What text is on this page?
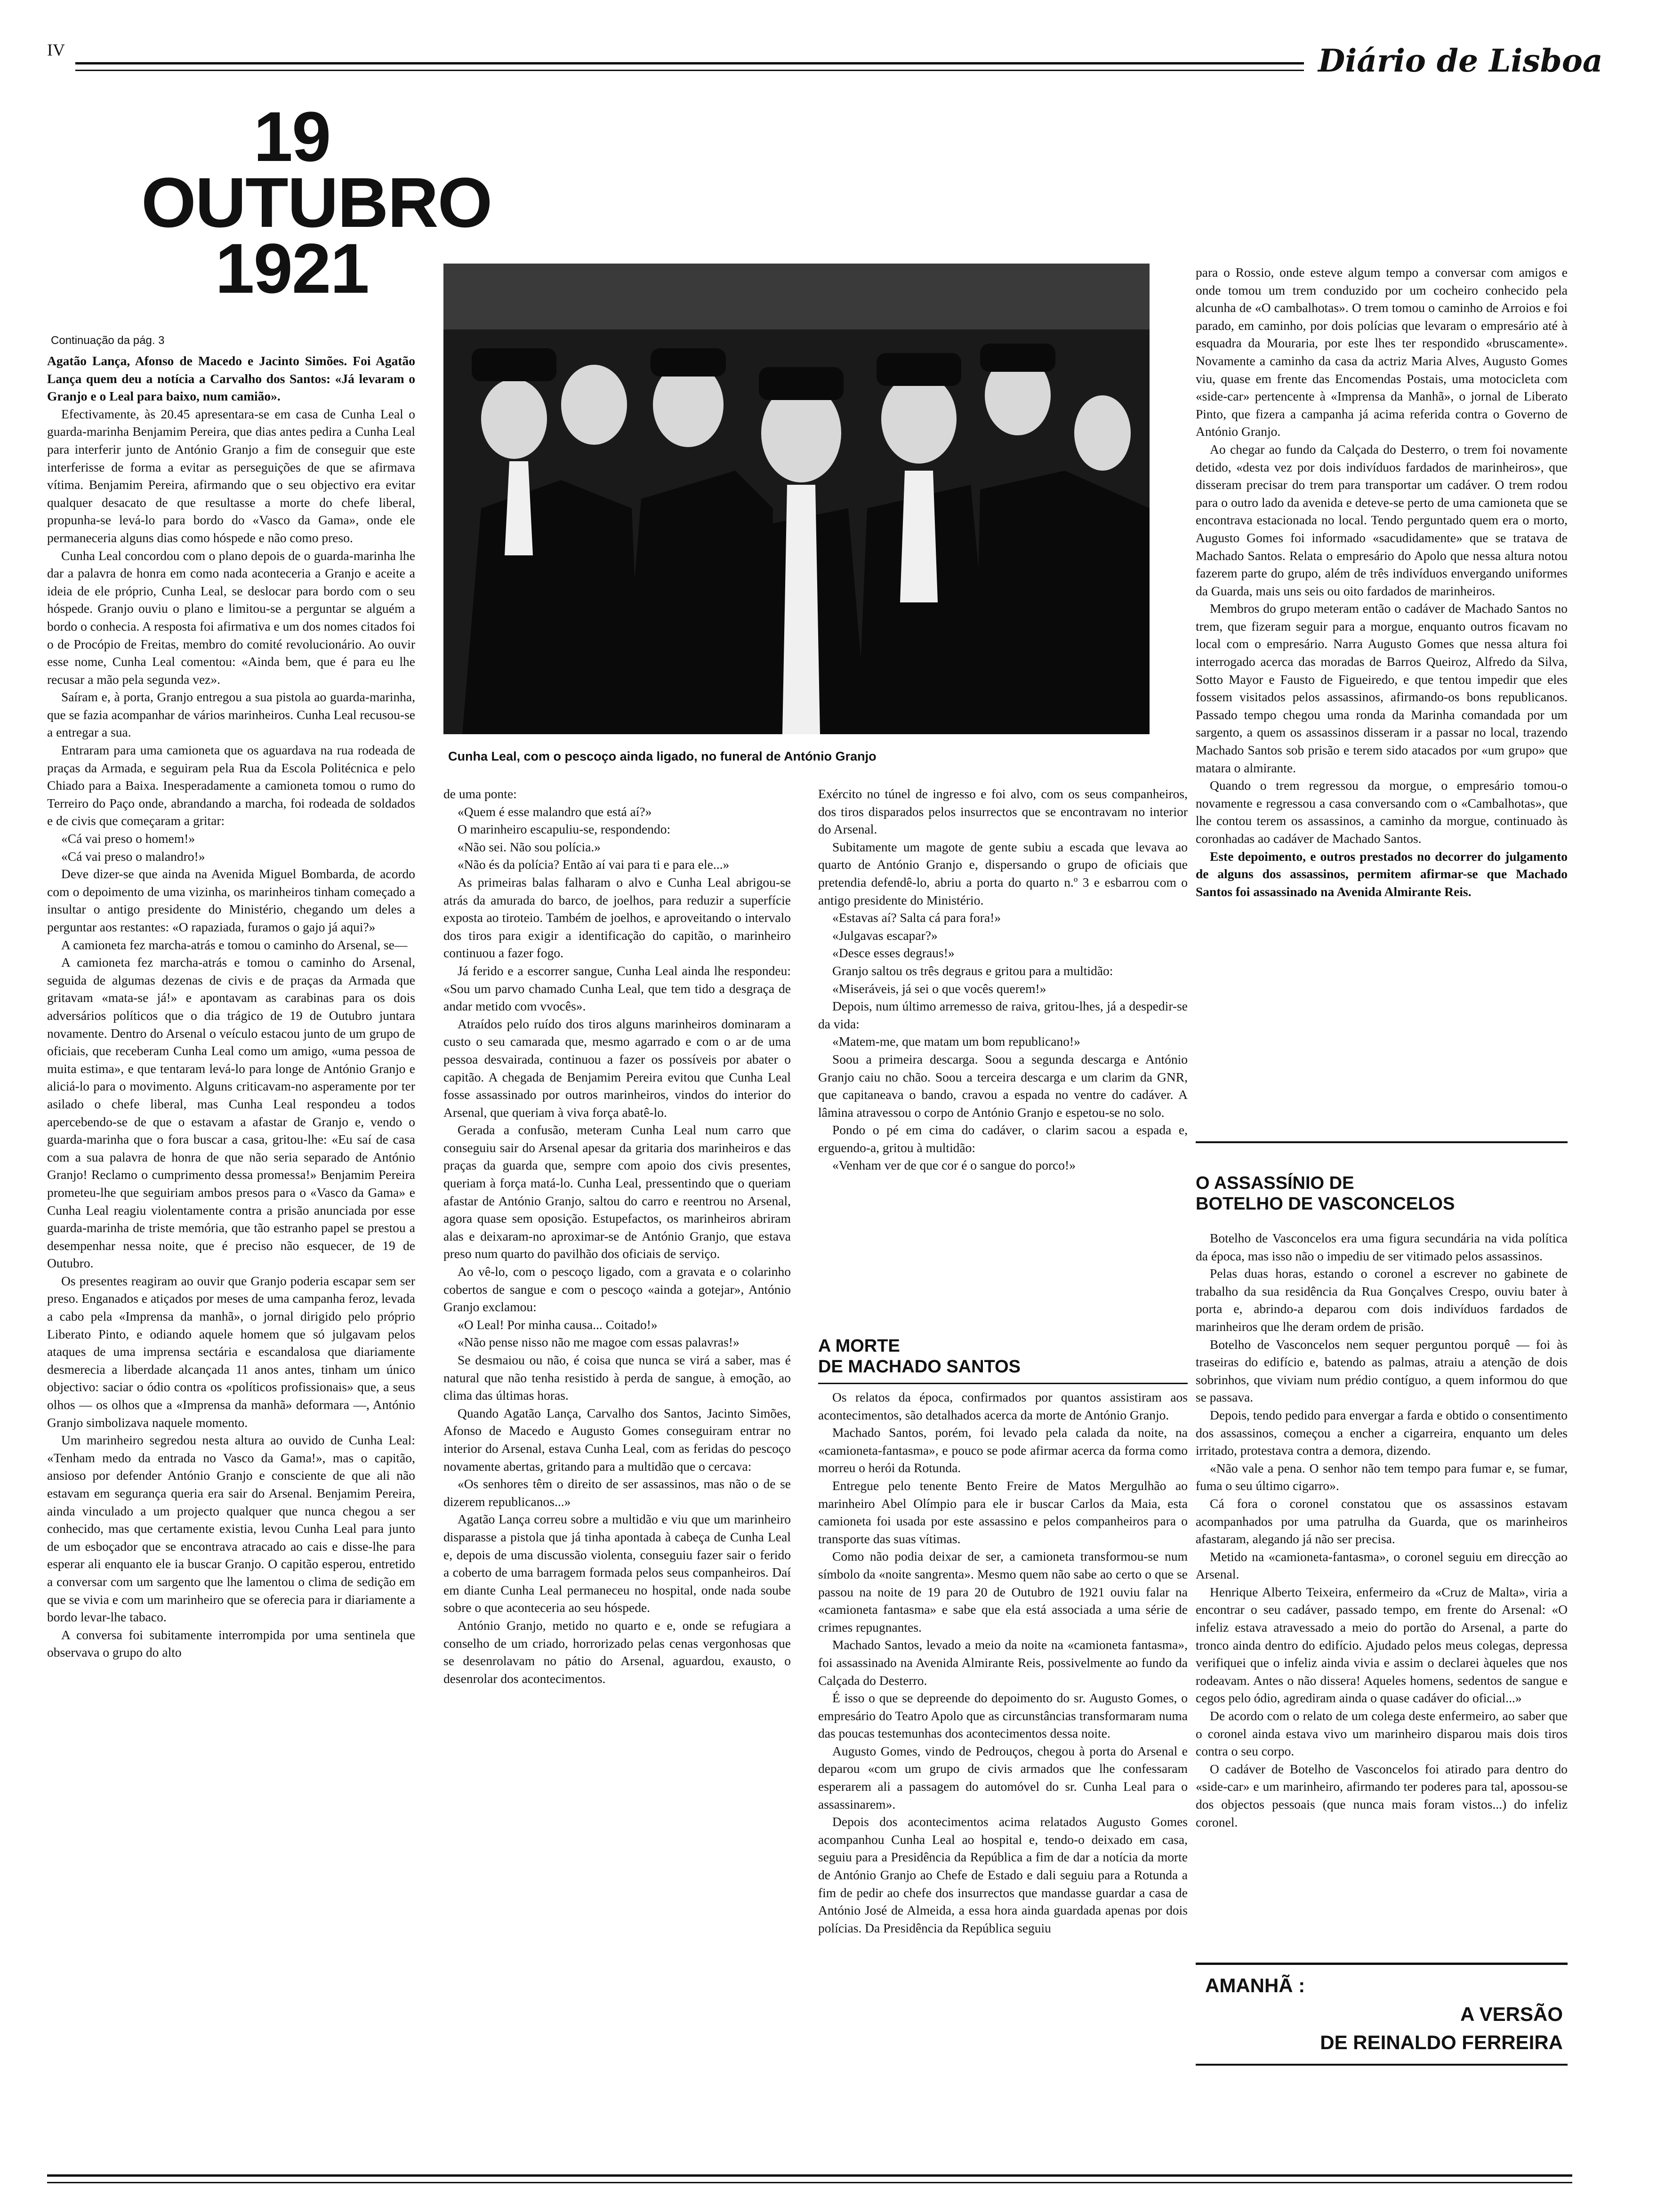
IV	Diário de Lisboa
19
OUTUBRO
1921
Continuação da pág. 3

Agatão Lança, Afonso de Macedo e Jacinto Simões. Foi Agatão Lança quem deu a notícia a Carvalho dos Santos: «Já levaram o Granjo e o Leal para baixo, num camião».

Efectivamente, às 20.45 apresentara-se em casa de Cunha Leal o guarda-marinha Benjamim Pereira, que dias antes pedira a Cunha Leal para interferir junto de António Granjo a fim de conseguir que este interferisse de forma a evitar as perseguições de que se afirmava vítima. Benjamim Pereira, afirmando que o seu objectivo era evitar qualquer desacato de que resultasse a morte do chefe liberal, propunha-se levá-lo para bordo do «Vasco da Gama», onde ele permaneceria alguns dias como hóspede e não como preso.

Cunha Leal concordou com o plano depois de o guarda-marinha lhe dar a palavra de honra em como nada aconteceria a Granjo e aceite a ideia de ele próprio, Cunha Leal, se deslocar para bordo com o seu hóspede. Granjo ouviu o plano e limitou-se a perguntar se alguém a bordo o conhecia. A resposta foi afirmativa e um dos nomes citados foi o de Procópio de Freitas, membro do comité revolucionário. Ao ouvir esse nome, Cunha Leal comentou: «Ainda bem, que é para eu lhe recusar a mão pela segunda vez».

Saíram e, à porta, Granjo entregou a sua pistola ao guarda-marinha, que se fazia acompanhar de vários marinheiros. Cunha Leal recusou-se a entregar a sua.

Entraram para uma camioneta que os aguardava na rua rodeada de praças da Armada, e seguiram pela Rua da Escola Politécnica e pelo Chiado para a Baixa. Inesperadamente a camioneta tomou o rumo do Terreiro do Paço onde, abrandando a marcha, foi rodeada de soldados e de civis que começaram a gritar:

«Cá vai preso o homem!»

«Cá vai preso o malandro!»

Deve dizer-se que ainda na Avenida Miguel Bombarda, de acordo com o depoimento de uma vizinha, os marinheiros tinham começado a insultar o antigo presidente do Ministério, chegando um deles a perguntar aos restantes: «O rapaziada, furamos o gajo já aqui?»

A camioneta fez marcha-atrás e tomou o caminho do Arsenal, se—

A camioneta fez marcha-atrás e tomou o caminho do Arsenal, seguida de algumas dezenas de civis e de praças da Armada que gritavam «mata-se já!» e apontavam as carabinas para os dois adversários políticos que o dia trágico de 19 de Outubro juntara novamente. Dentro do Arsenal o veículo estacou junto de um grupo de oficiais, que receberam Cunha Leal como um amigo, «uma pessoa de muita estima», e que tentaram levá-lo para longe de António Granjo e aliciá-lo para o movimento. Alguns criticavam-no asperamente por ter asilado o chefe liberal, mas Cunha Leal respondeu a todos apercebendo-se de que o estavam a afastar de Granjo e, vendo o guarda-marinha que o fora buscar a casa, gritou-lhe: «Eu saí de casa com a sua palavra de honra de que não seria separado de António Granjo! Reclamo o cumprimento dessa promessa!» Benjamim Pereira prometeu-lhe que seguiriam ambos presos para o «Vasco da Gama» e Cunha Leal reagiu violentamente contra a prisão anunciada por esse guarda-marinha de triste memória, que tão estranho papel se prestou a desempenhar nessa noite, que é preciso não esquecer, de 19 de Outubro.

Os presentes reagiram ao ouvir que Granjo poderia escapar sem ser preso. Enganados e atiçados por meses de uma campanha feroz, levada a cabo pela «Imprensa da manhã», o jornal dirigido pelo próprio Liberato Pinto, e odiando aquele homem que só julgavam pelos ataques de uma imprensa sectária e escandalosa que diariamente desmerecia a liberdade alcançada 11 anos antes, tinham um único objectivo: saciar o ódio contra os «políticos profissionais» que, a seus olhos — os olhos que a «Imprensa da manhã» deformara —, António Granjo simbolizava naquele momento.

Um marinheiro segredou nesta altura ao ouvido de Cunha Leal: «Tenham medo da entrada no Vasco da Gama!», mas o capitão, ansioso por defender António Granjo e consciente de que ali não estavam em segurança queria era sair do Arsenal. Benjamim Pereira, ainda vinculado a um projecto qualquer que nunca chegou a ser conhecido, mas que certamente existia, levou Cunha Leal para junto de um esboçador que se encontrava atracado ao cais e disse-lhe para esperar ali enquanto ele ia buscar Granjo. O capitão esperou, entretido a conversar com um sargento que lhe lamentou o clima de sedição em que se vivia e com um marinheiro que se oferecia para ir diariamente a bordo levar-lhe tabaco.

A conversa foi subitamente interrompida por uma sentinela que observava o grupo do alto

Cunha Leal, com o pescoço ainda ligado, no funeral de António Granjo

de uma ponte:

«Quem é esse malandro que está aí?»

O marinheiro escapuliu-se, respondendo:

«Não sei. Não sou polícia.»

«Não és da polícia? Então aí vai para ti e para ele...»

As primeiras balas falharam o alvo e Cunha Leal abrigou-se atrás da amurada do barco, de joelhos, para reduzir a superfície exposta ao tiroteio. Também de joelhos, e aproveitando o intervalo dos tiros para exigir a identificação do capitão, o marinheiro continuou a fazer fogo.

Já ferido e a escorrer sangue, Cunha Leal ainda lhe respondeu: «Sou um parvo chamado Cunha Leal, que tem tido a desgraça de andar metido com vvocês».

Atraídos pelo ruído dos tiros alguns marinheiros dominaram a custo o seu camarada que, mesmo agarrado e com o ar de uma pessoa desvairada, continuou a fazer os possíveis por abater o capitão. A chegada de Benjamim Pereira evitou que Cunha Leal fosse assassinado por outros marinheiros, vindos do interior do Arsenal, que queriam à viva força abatê-lo.

Gerada a confusão, meteram Cunha Leal num carro que conseguiu sair do Arsenal apesar da gritaria dos marinheiros e das praças da guarda que, sempre com apoio dos civis presentes, queriam à força matá-lo. Cunha Leal, pressentindo que o queriam afastar de António Granjo, saltou do carro e reentrou no Arsenal, agora quase sem oposição. Estupefactos, os marinheiros abriram alas e deixaram-no aproximar-se de António Granjo, que estava preso num quarto do pavilhão dos oficiais de serviço.

Ao vê-lo, com o pescoço ligado, com a gravata e o colarinho cobertos de sangue e com o pescoço «ainda a gotejar», António Granjo exclamou:

«O Leal! Por minha causa... Coitado!»

«Não pense nisso não me magoe com essas palavras!»

Se desmaiou ou não, é coisa que nunca se virá a saber, mas é natural que não tenha resistido à perda de sangue, à emoção, ao clima das últimas horas.

Quando Agatão Lança, Carvalho dos Santos, Jacinto Simões, Afonso de Macedo e Augusto Gomes conseguiram entrar no interior do Arsenal, estava Cunha Leal, com as feridas do pescoço novamente abertas, gritando para a multidão que o cercava:

«Os senhores têm o direito de ser assassinos, mas não o de se dizerem republicanos...»

Agatão Lança correu sobre a multidão e viu que um marinheiro disparasse a pistola que já tinha apontada à cabeça de Cunha Leal e, depois de uma discussão violenta, conseguiu fazer sair o ferido a coberto de uma barragem formada pelos seus companheiros. Daí em diante Cunha Leal permaneceu no hospital, onde nada soube sobre o que aconteceria ao seu hóspede.

António Granjo, metido no quarto e e, onde se refugiara a conselho de um criado, horrorizado pelas cenas vergonhosas que se desenrolavam no pátio do Arsenal, aguardou, exausto, o desenrolar dos acontecimentos.

Exército no túnel de ingresso e foi alvo, com os seus companheiros, dos tiros disparados pelos insurrectos que se encontravam no interior do Arsenal.

Subitamente um magote de gente subiu a escada que levava ao quarto de António Granjo e, dispersando o grupo de oficiais que pretendia defendê-lo, abriu a porta do quarto n.º 3 e esbarrou com o antigo presidente do Ministério.

«Estavas aí? Salta cá para fora!»

«Julgavas escapar?»

«Desce esses degraus!»

Granjo saltou os três degraus e gritou para a multidão:

«Miseráveis, já sei o que vocês querem!»

Depois, num último arremesso de raiva, gritou-lhes, já a despedir-se da vida:

«Matem-me, que matam um bom republicano!»

Soou a primeira descarga. Soou a segunda descarga e António Granjo caiu no chão. Soou a terceira descarga e um clarim da GNR, que capitaneava o bando, cravou a espada no ventre do cadáver. A lâmina atravessou o corpo de António Granjo e espetou-se no solo.

Pondo o pé em cima do cadáver, o clarim sacou a espada e, erguendo-a, gritou à multidão:

«Venham ver de que cor é o sangue do porco!»

A MORTE
DE MACHADO SANTOS

Os relatos da época, confirmados por quantos assistiram aos acontecimentos, são detalhados acerca da morte de António Granjo.

Machado Santos, porém, foi levado pela calada da noite, na «camioneta-fantasma», e pouco se pode afirmar acerca da forma como morreu o herói da Rotunda.

Entregue pelo tenente Bento Freire de Matos Mergulhão ao marinheiro Abel Olímpio para ele ir buscar Carlos da Maia, esta camioneta foi usada por este assassino e pelos companheiros para o transporte das suas vítimas.

Como não podia deixar de ser, a camioneta transformou-se num símbolo da «noite sangrenta». Mesmo quem não sabe ao certo o que se passou na noite de 19 para 20 de Outubro de 1921 ouviu falar na «camioneta fantasma» e sabe que ela está associada a uma série de crimes repugnantes.

Machado Santos, levado a meio da noite na «camioneta fantasma», foi assassinado na Avenida Almirante Reis, possivelmente ao fundo da Calçada do Desterro.

É isso o que se depreende do depoimento do sr. Augusto Gomes, o empresário do Teatro Apolo que as circunstâncias transformaram numa das poucas testemunhas dos acontecimentos dessa noite.

Augusto Gomes, vindo de Pedrouços, chegou à porta do Arsenal e deparou «com um grupo de civis armados que lhe confessaram esperarem ali a passagem do automóvel do sr. Cunha Leal para o assassinarem».

Depois dos acontecimentos acima relatados Augusto Gomes acompanhou Cunha Leal ao hospital e, tendo-o deixado em casa, seguiu para a Presidência da República a fim de dar a notícia da morte de António Granjo ao Chefe de Estado e dali seguiu para a Rotunda a fim de pedir ao chefe dos insurrectos que mandasse guardar a casa de António José de Almeida, a essa hora ainda guardada apenas por dois polícias. Da Presidência da República seguiu

para o Rossio, onde esteve algum tempo a conversar com amigos e onde tomou um trem conduzido por um cocheiro conhecido pela alcunha de «O cambalhotas». O trem tomou o caminho de Arroios e foi parado, em caminho, por dois polícias que levaram o empresário até à esquadra da Mouraria, por este lhes ter respondido «bruscamente». Novamente a caminho da casa da actriz Maria Alves, Augusto Gomes viu, quase em frente das Encomendas Postais, uma motocicleta com «side-car» pertencente à «Imprensa da Manhã», o jornal de Liberato Pinto, que fizera a campanha já acima referida contra o Governo de António Granjo.

Ao chegar ao fundo da Calçada do Desterro, o trem foi novamente detido, «desta vez por dois indivíduos fardados de marinheiros», que disseram precisar do trem para transportar um cadáver. O trem rodou para o outro lado da avenida e deteve-se perto de uma camioneta que se encontrava estacionada no local. Tendo perguntado quem era o morto, Augusto Gomes foi informado «sacudidamente» que se tratava de Machado Santos. Relata o empresário do Apolo que nessa altura notou fazerem parte do grupo, além de três indivíduos envergando uniformes da Guarda, mais uns seis ou oito fardados de marinheiros.

Membros do grupo meteram então o cadáver de Machado Santos no trem, que fizeram seguir para a morgue, enquanto outros ficavam no local com o empresário. Narra Augusto Gomes que nessa altura foi interrogado acerca das moradas de Barros Queiroz, Alfredo da Silva, Sotto Mayor e Fausto de Figueiredo, e que tentou impedir que eles fossem visitados pelos assassinos, afirmando-os bons republicanos. Passado tempo chegou uma ronda da Marinha comandada por um sargento, a quem os assassinos disseram ir a passar no local, trazendo Machado Santos sob prisão e terem sido atacados por «um grupo» que matara o almirante.

Quando o trem regressou da morgue, o empresário tomou-o novamente e regressou a casa conversando com o «Cambalhotas», que lhe contou terem os assassinos, a caminho da morgue, continuado às coronhadas ao cadáver de Machado Santos.

Este depoimento, e outros prestados no decorrer do julgamento de alguns dos assassinos, permitem afirmar-se que Machado Santos foi assassinado na Avenida Almirante Reis.

O ASSASSÍNIO DE
BOTELHO DE VASCONCELOS

Botelho de Vasconcelos era uma figura secundária na vida política da época, mas isso não o impediu de ser vitimado pelos assassinos.

Pelas duas horas, estando o coronel a escrever no gabinete de trabalho da sua residência da Rua Gonçalves Crespo, ouviu bater à porta e, abrindo-a deparou com dois indivíduos fardados de marinheiros que lhe deram ordem de prisão.

Botelho de Vasconcelos nem sequer perguntou porquê — foi às traseiras do edifício e, batendo as palmas, atraiu a atenção de dois sobrinhos, que viviam num prédio contíguo, a quem informou do que se passava.

Depois, tendo pedido para envergar a farda e obtido o consentimento dos assassinos, começou a encher a cigarreira, enquanto um deles irritado, protestava contra a demora, dizendo.

«Não vale a pena. O senhor não tem tempo para fumar e, se fumar, fuma o seu último cigarro».

Cá fora o coronel constatou que os assassinos estavam acompanhados por uma patrulha da Guarda, que os marinheiros afastaram, alegando já não ser precisa.

Metido na «camioneta-fantasma», o coronel seguiu em direcção ao Arsenal.

Henrique Alberto Teixeira, enfermeiro da «Cruz de Malta», viria a encontrar o seu cadáver, passado tempo, em frente do Arsenal: «O infeliz estava atravessado a meio do portão do Arsenal, a parte do tronco ainda dentro do edifício. Ajudado pelos meus colegas, depressa verifiquei que o infeliz ainda vivia e assim o declarei àqueles que nos rodeavam. Antes o não dissera! Aqueles homens, sedentos de sangue e cegos pelo ódio, agrediram ainda o quase cadáver do oficial...»

De acordo com o relato de um colega deste enfermeiro, ao saber que o coronel ainda estava vivo um marinheiro disparou mais dois tiros contra o seu corpo.

O cadáver de Botelho de Vasconcelos foi atirado para dentro do «side-car» e um marinheiro, afirmando ter poderes para tal, apossou-se dos objectos pessoais (que nunca mais foram vistos...) do infeliz coronel.

AMANHÃ :
A VERSÃO
DE REINALDO FERREIRA
